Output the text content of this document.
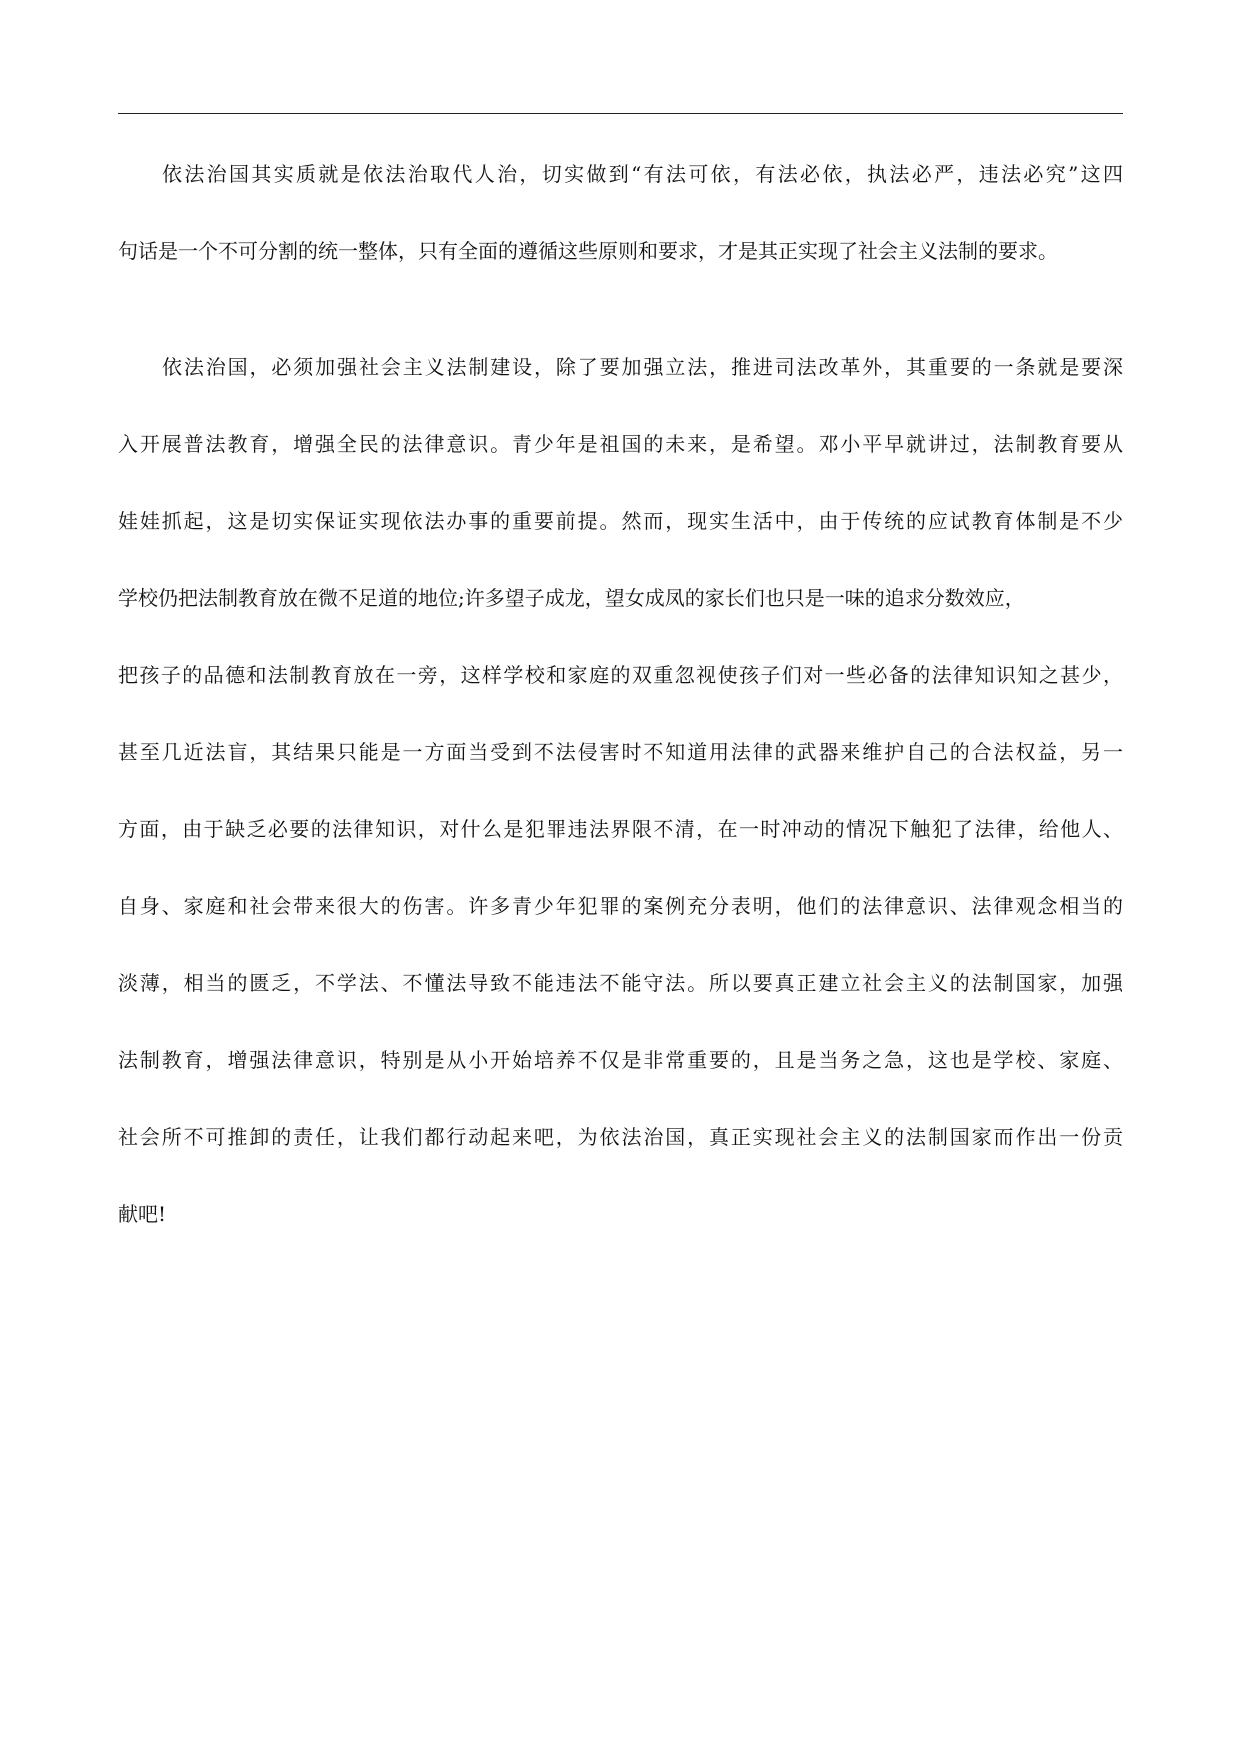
依法治国其实质就是依法治取代人治，切实做到“有法可依，有法必依，执法必严，违法必究”这四
句话是一个不可分割的统一整体，只有全面的遵循这些原则和要求，才是其正实现了社会主义法制的要求。
依法治国，必须加强社会主义法制建设，除了要加强立法，推进司法改革外，其重要的一条就是要深
入开展普法教育，增强全民的法律意识。青少年是祖国的未来，是希望。邓小平早就讲过，法制教育要从
娃娃抓起，这是切实保证实现依法办事的重要前提。然而，现实生活中，由于传统的应试教育体制是不少
学校仍把法制教育放在微不足道的地位;许多望子成龙，望女成凤的家长们也只是一味的追求分数效应，
把孩子的品德和法制教育放在一旁，这样学校和家庭的双重忽视使孩子们对一些必备的法律知识知之甚少，
甚至几近法盲，其结果只能是一方面当受到不法侵害时不知道用法律的武器来维护自己的合法权益，另一
方面，由于缺乏必要的法律知识，对什么是犯罪违法界限不清，在一时冲动的情况下触犯了法律，给他人、
自身、家庭和社会带来很大的伤害。许多青少年犯罪的案例充分表明，他们的法律意识、法律观念相当的
淡薄，相当的匮乏，不学法、不懂法导致不能违法不能守法。所以要真正建立社会主义的法制国家，加强
法制教育，增强法律意识，特别是从小开始培养不仅是非常重要的，且是当务之急，这也是学校、家庭、
社会所不可推卸的责任，让我们都行动起来吧，为依法治国，真正实现社会主义的法制国家而作出一份贡
献吧!
